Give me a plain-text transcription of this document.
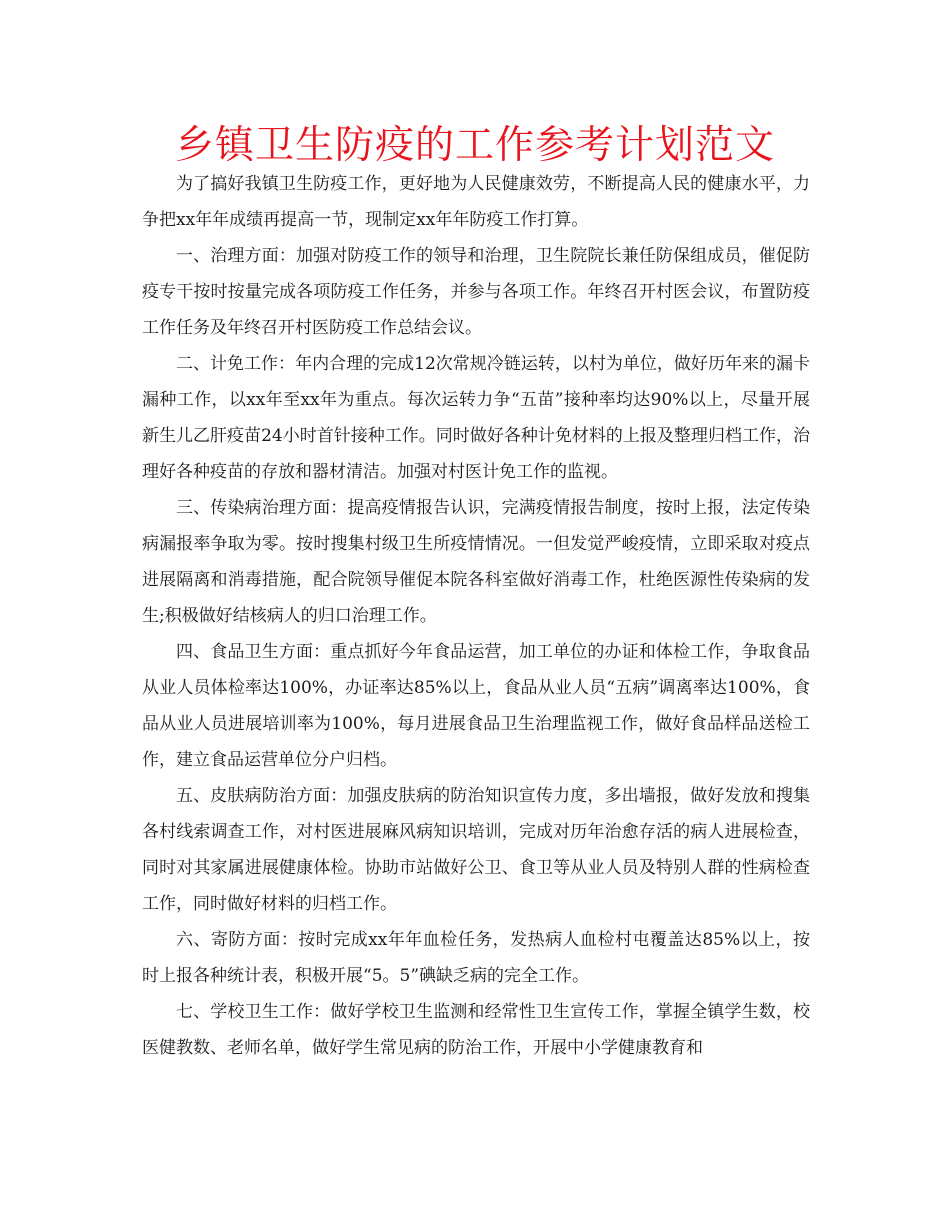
乡镇卫生防疫的工作参考计划范文

为了搞好我镇卫生防疫工作，更好地为人民健康效劳，不断提高人民的健康水平，力争把xx年年成绩再提高一节，现制定xx年年防疫工作打算。

一、治理方面：加强对防疫工作的领导和治理，卫生院院长兼任防保组成员，催促防疫专干按时按量完成各项防疫工作任务，并参与各项工作。年终召开村医会议，布置防疫工作任务及年终召开村医防疫工作总结会议。

二、计免工作：年内合理的完成12次常规冷链运转，以村为单位，做好历年来的漏卡漏种工作，以xx年至xx年为重点。每次运转力争“五苗”接种率均达90%以上，尽量开展新生儿乙肝疫苗24小时首针接种工作。同时做好各种计免材料的上报及整理归档工作，治理好各种疫苗的存放和器材清洁。加强对村医计免工作的监视。

三、传染病治理方面：提高疫情报告认识，完满疫情报告制度，按时上报，法定传染病漏报率争取为零。按时搜集村级卫生所疫情情况。一但发觉严峻疫情，立即采取对疫点进展隔离和消毒措施，配合院领导催促本院各科室做好消毒工作，杜绝医源性传染病的发生;积极做好结核病人的归口治理工作。

四、食品卫生方面：重点抓好今年食品运营，加工单位的办证和体检工作，争取食品从业人员体检率达100%，办证率达85%以上，食品从业人员“五病”调离率达100%，食品从业人员进展培训率为100%，每月进展食品卫生治理监视工作，做好食品样品送检工作，建立食品运营单位分户归档。

五、皮肤病防治方面：加强皮肤病的防治知识宣传力度，多出墙报，做好发放和搜集各村线索调查工作，对村医进展麻风病知识培训，完成对历年治愈存活的病人进展检查，同时对其家属进展健康体检。协助市站做好公卫、食卫等从业人员及特别人群的性病检查工作，同时做好材料的归档工作。

六、寄防方面：按时完成xx年年血检任务，发热病人血检村屯覆盖达85%以上，按时上报各种统计表，积极开展“5。5”碘缺乏病的完全工作。

七、学校卫生工作：做好学校卫生监测和经常性卫生宣传工作，掌握全镇学生数，校医健教数、老师名单，做好学生常见病的防治工作，开展中小学健康教育和
